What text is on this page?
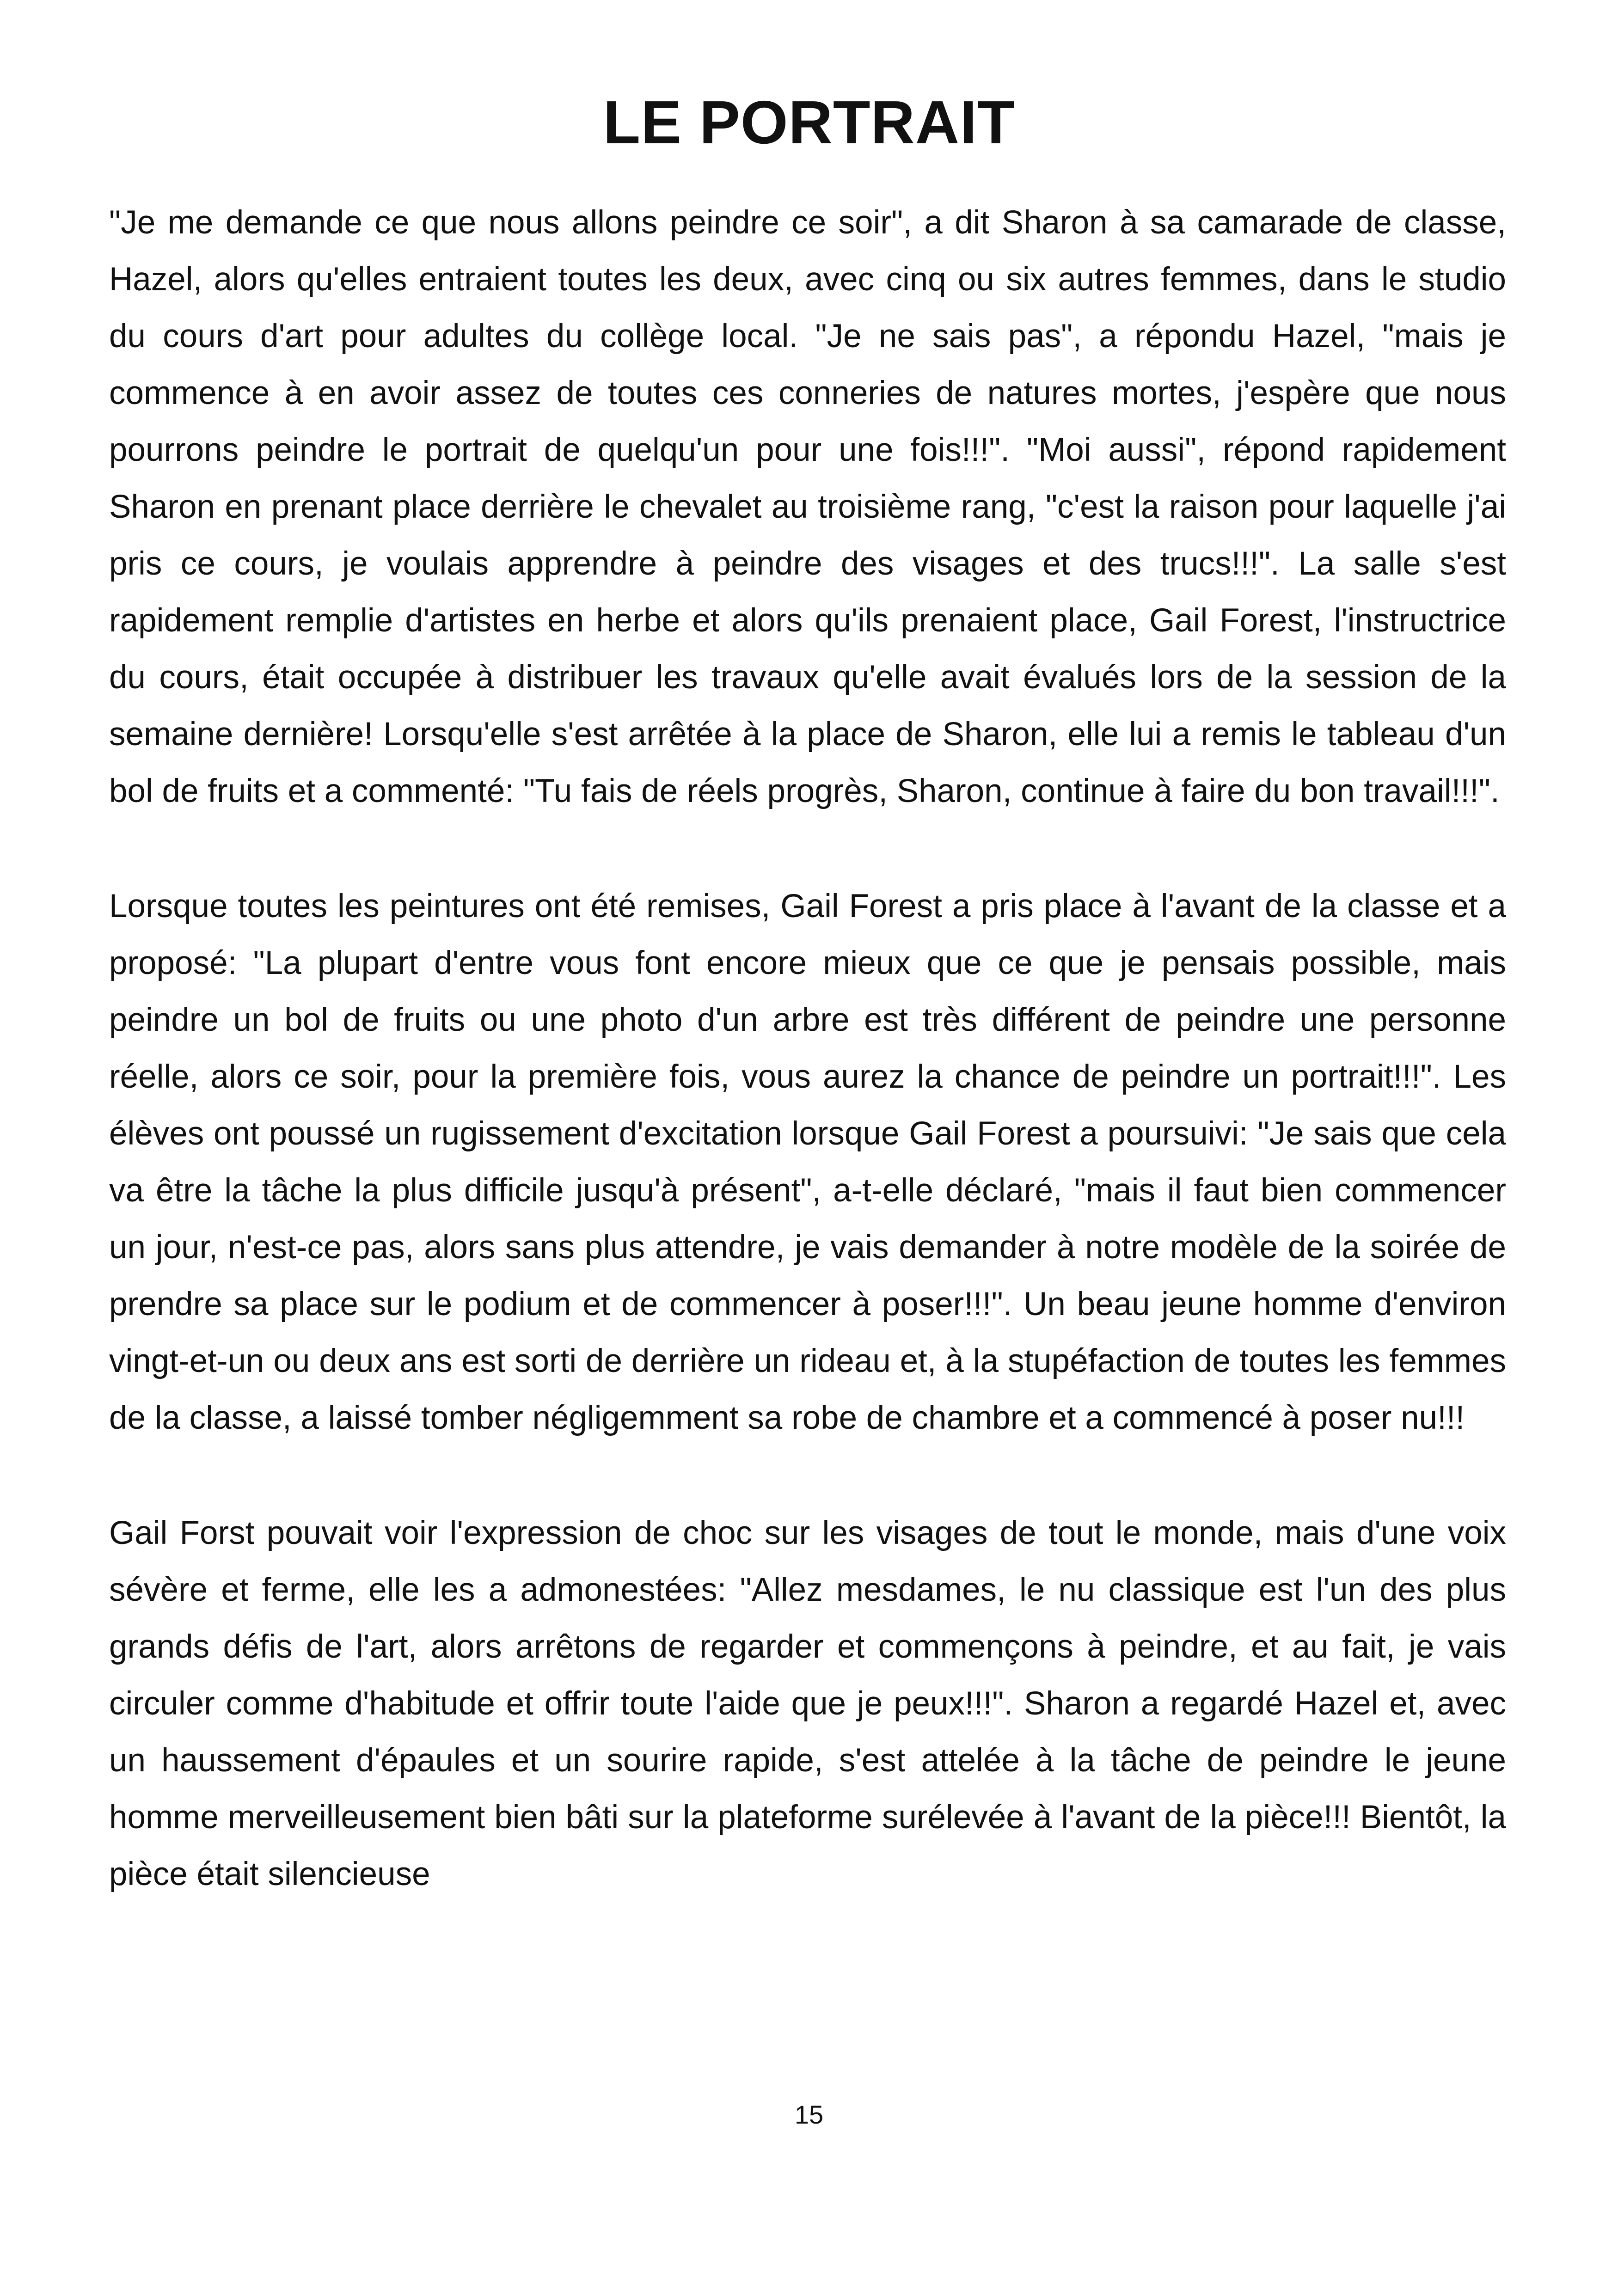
LE PORTRAIT

"Je me demande ce que nous allons peindre ce soir", a dit Sharon à sa camarade de classe, Hazel, alors qu'elles entraient toutes les deux, avec cinq ou six autres femmes, dans le studio du cours d'art pour adultes du collège local. "Je ne sais pas", a répondu Hazel, "mais je commence à en avoir assez de toutes ces conneries de natures mortes, j'espère que nous pourrons peindre le portrait de quelqu'un pour une fois!!!". "Moi aussi", répond rapidement Sharon en prenant place derrière le chevalet au troisième rang, "c'est la raison pour laquelle j'ai pris ce cours, je voulais apprendre à peindre des visages et des trucs!!!". La salle s'est rapidement remplie d'artistes en herbe et alors qu'ils prenaient place, Gail Forest, l'instructrice du cours, était occupée à distribuer les travaux qu'elle avait évalués lors de la session de la semaine dernière! Lorsqu'elle s'est arrêtée à la place de Sharon, elle lui a remis le tableau d'un bol de fruits et a commenté: "Tu fais de réels progrès, Sharon, continue à faire du bon travail!!!".

Lorsque toutes les peintures ont été remises, Gail Forest a pris place à l'avant de la classe et a proposé: "La plupart d'entre vous font encore mieux que ce que je pensais possible, mais peindre un bol de fruits ou une photo d'un arbre est très différent de peindre une personne réelle, alors ce soir, pour la première fois, vous aurez la chance de peindre un portrait!!!". Les élèves ont poussé un rugissement d'excitation lorsque Gail Forest a poursuivi: "Je sais que cela va être la tâche la plus difficile jusqu'à présent", a-t-elle déclaré, "mais il faut bien commencer un jour, n'est-ce pas, alors sans plus attendre, je vais demander à notre modèle de la soirée de prendre sa place sur le podium et de commencer à poser!!!". Un beau jeune homme d'environ vingt-et-un ou deux ans est sorti de derrière un rideau et, à la stupéfaction de toutes les femmes de la classe, a laissé tomber négligemment sa robe de chambre et a commencé à poser nu!!!

Gail Forst pouvait voir l'expression de choc sur les visages de tout le monde, mais d'une voix sévère et ferme, elle les a admonestées: "Allez mesdames, le nu classique est l'un des plus grands défis de l'art, alors arrêtons de regarder et commençons à peindre, et au fait, je vais circuler comme d'habitude et offrir toute l'aide que je peux!!!". Sharon a regardé Hazel et, avec un haussement d'épaules et un sourire rapide, s'est attelée à la tâche de peindre le jeune homme merveilleusement bien bâti sur la plateforme surélevée à l'avant de la pièce!!! Bientôt, la pièce était silencieuse

15
